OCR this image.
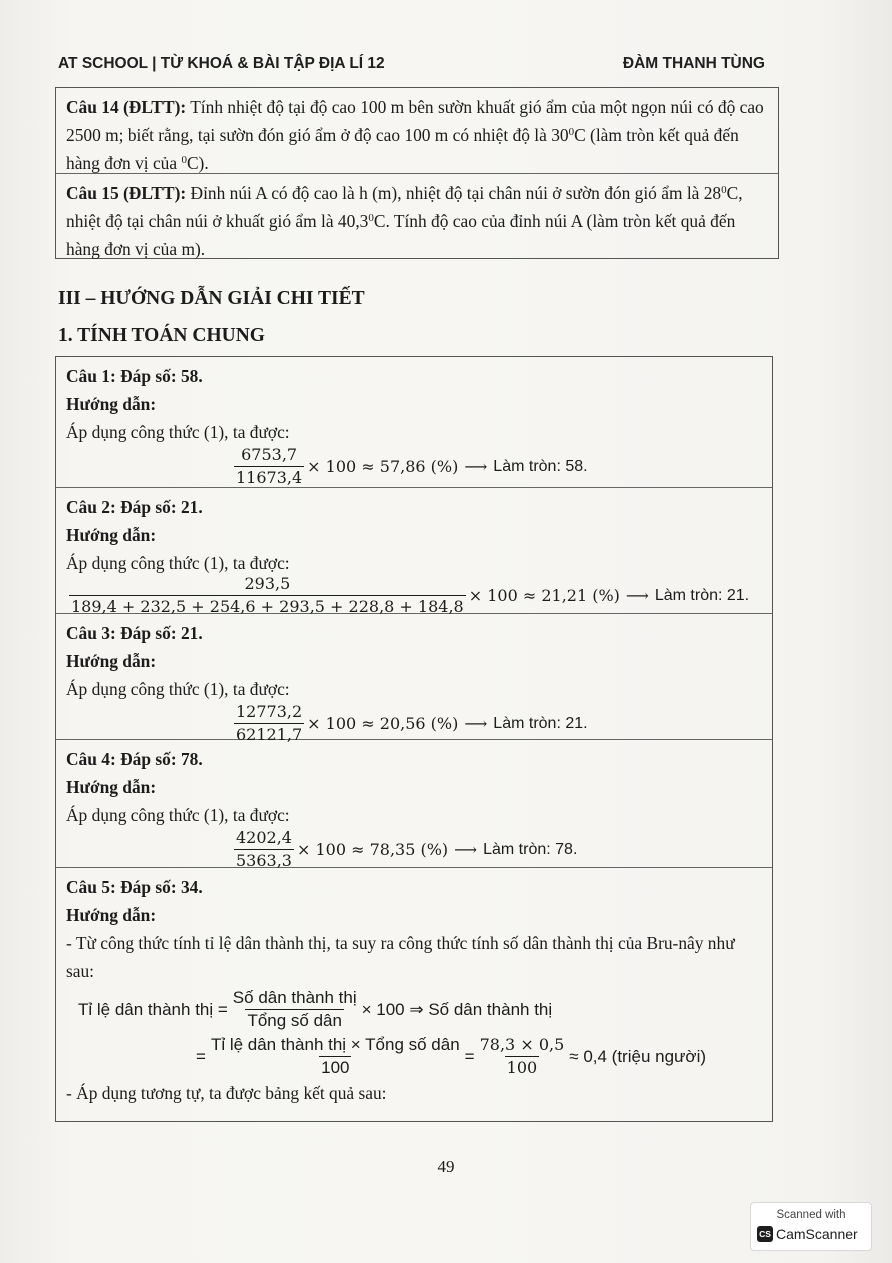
AT SCHOOL | TỪ KHOÁ & BÀI TẬP ĐỊA LÍ 12	ĐÀM THANH TÙNG
Câu 14 (ĐLTT): Tính nhiệt độ tại độ cao 100 m bên sườn khuất gió ẩm của một ngọn núi có độ cao 2500 m; biết rằng, tại sườn đón gió ẩm ở độ cao 100 m có nhiệt độ là $30^0C$ (làm tròn kết quả đến hàng đơn vị của $^0$C).
Câu 15 (ĐLTT): Đỉnh núi A có độ cao là h (m), nhiệt độ tại chân núi ở sườn đón gió ẩm là $28^0C$, nhiệt độ tại chân núi ở khuất gió ẩm là 40,3$^0$C. Tính độ cao của đỉnh núi A (làm tròn kết quả đến hàng đơn vị của m).
III – HƯỚNG DẪN GIẢI CHI TIẾT
1. TÍNH TOÁN CHUNG
Câu 1: Đáp số: 58.
Hướng dẫn:
Áp dụng công thức (1), ta được:
$\frac{6753,7}{11673,4} \times 100 \approx 57,86$ (%) ⟶ Làm tròn: 58.
Câu 2: Đáp số: 21.
Hướng dẫn:
Áp dụng công thức (1), ta được:
$\frac{293,5}{189,4 + 232,5 + 254,6 + 293,5 + 228,8 + 184,8} \times 100 \approx 21,21$ (%) ⟶ Làm tròn: 21.
Câu 3: Đáp số: 21.
Hướng dẫn:
Áp dụng công thức (1), ta được:
$\frac{12773,2}{62121,7} \times 100 \approx 20,56$ (%) ⟶ Làm tròn: 21.
Câu 4: Đáp số: 78.
Hướng dẫn:
Áp dụng công thức (1), ta được:
$\frac{4202,4}{5363,3} \times 100 \approx 78,35$ (%) ⟶ Làm tròn: 78.
Câu 5: Đáp số: 34.
Hướng dẫn:
- Từ công thức tính tỉ lệ dân thành thị, ta suy ra công thức tính số dân thành thị của Bru-nây như sau:
Tỉ lệ dân thành thị = $\frac{\text{Số dân thành thị}}{\text{Tổng số dân}} \times 100$ ⇒ Số dân thành thị
= $\frac{\text{Tỉ lệ dân thành thị × Tổng số dân}}{100} = \frac{78,3 \times 0,5}{100} \approx 0,4$ (triệu người)
- Áp dụng tương tự, ta được bảng kết quả sau:
49
Scanned with
CS CamScanner
